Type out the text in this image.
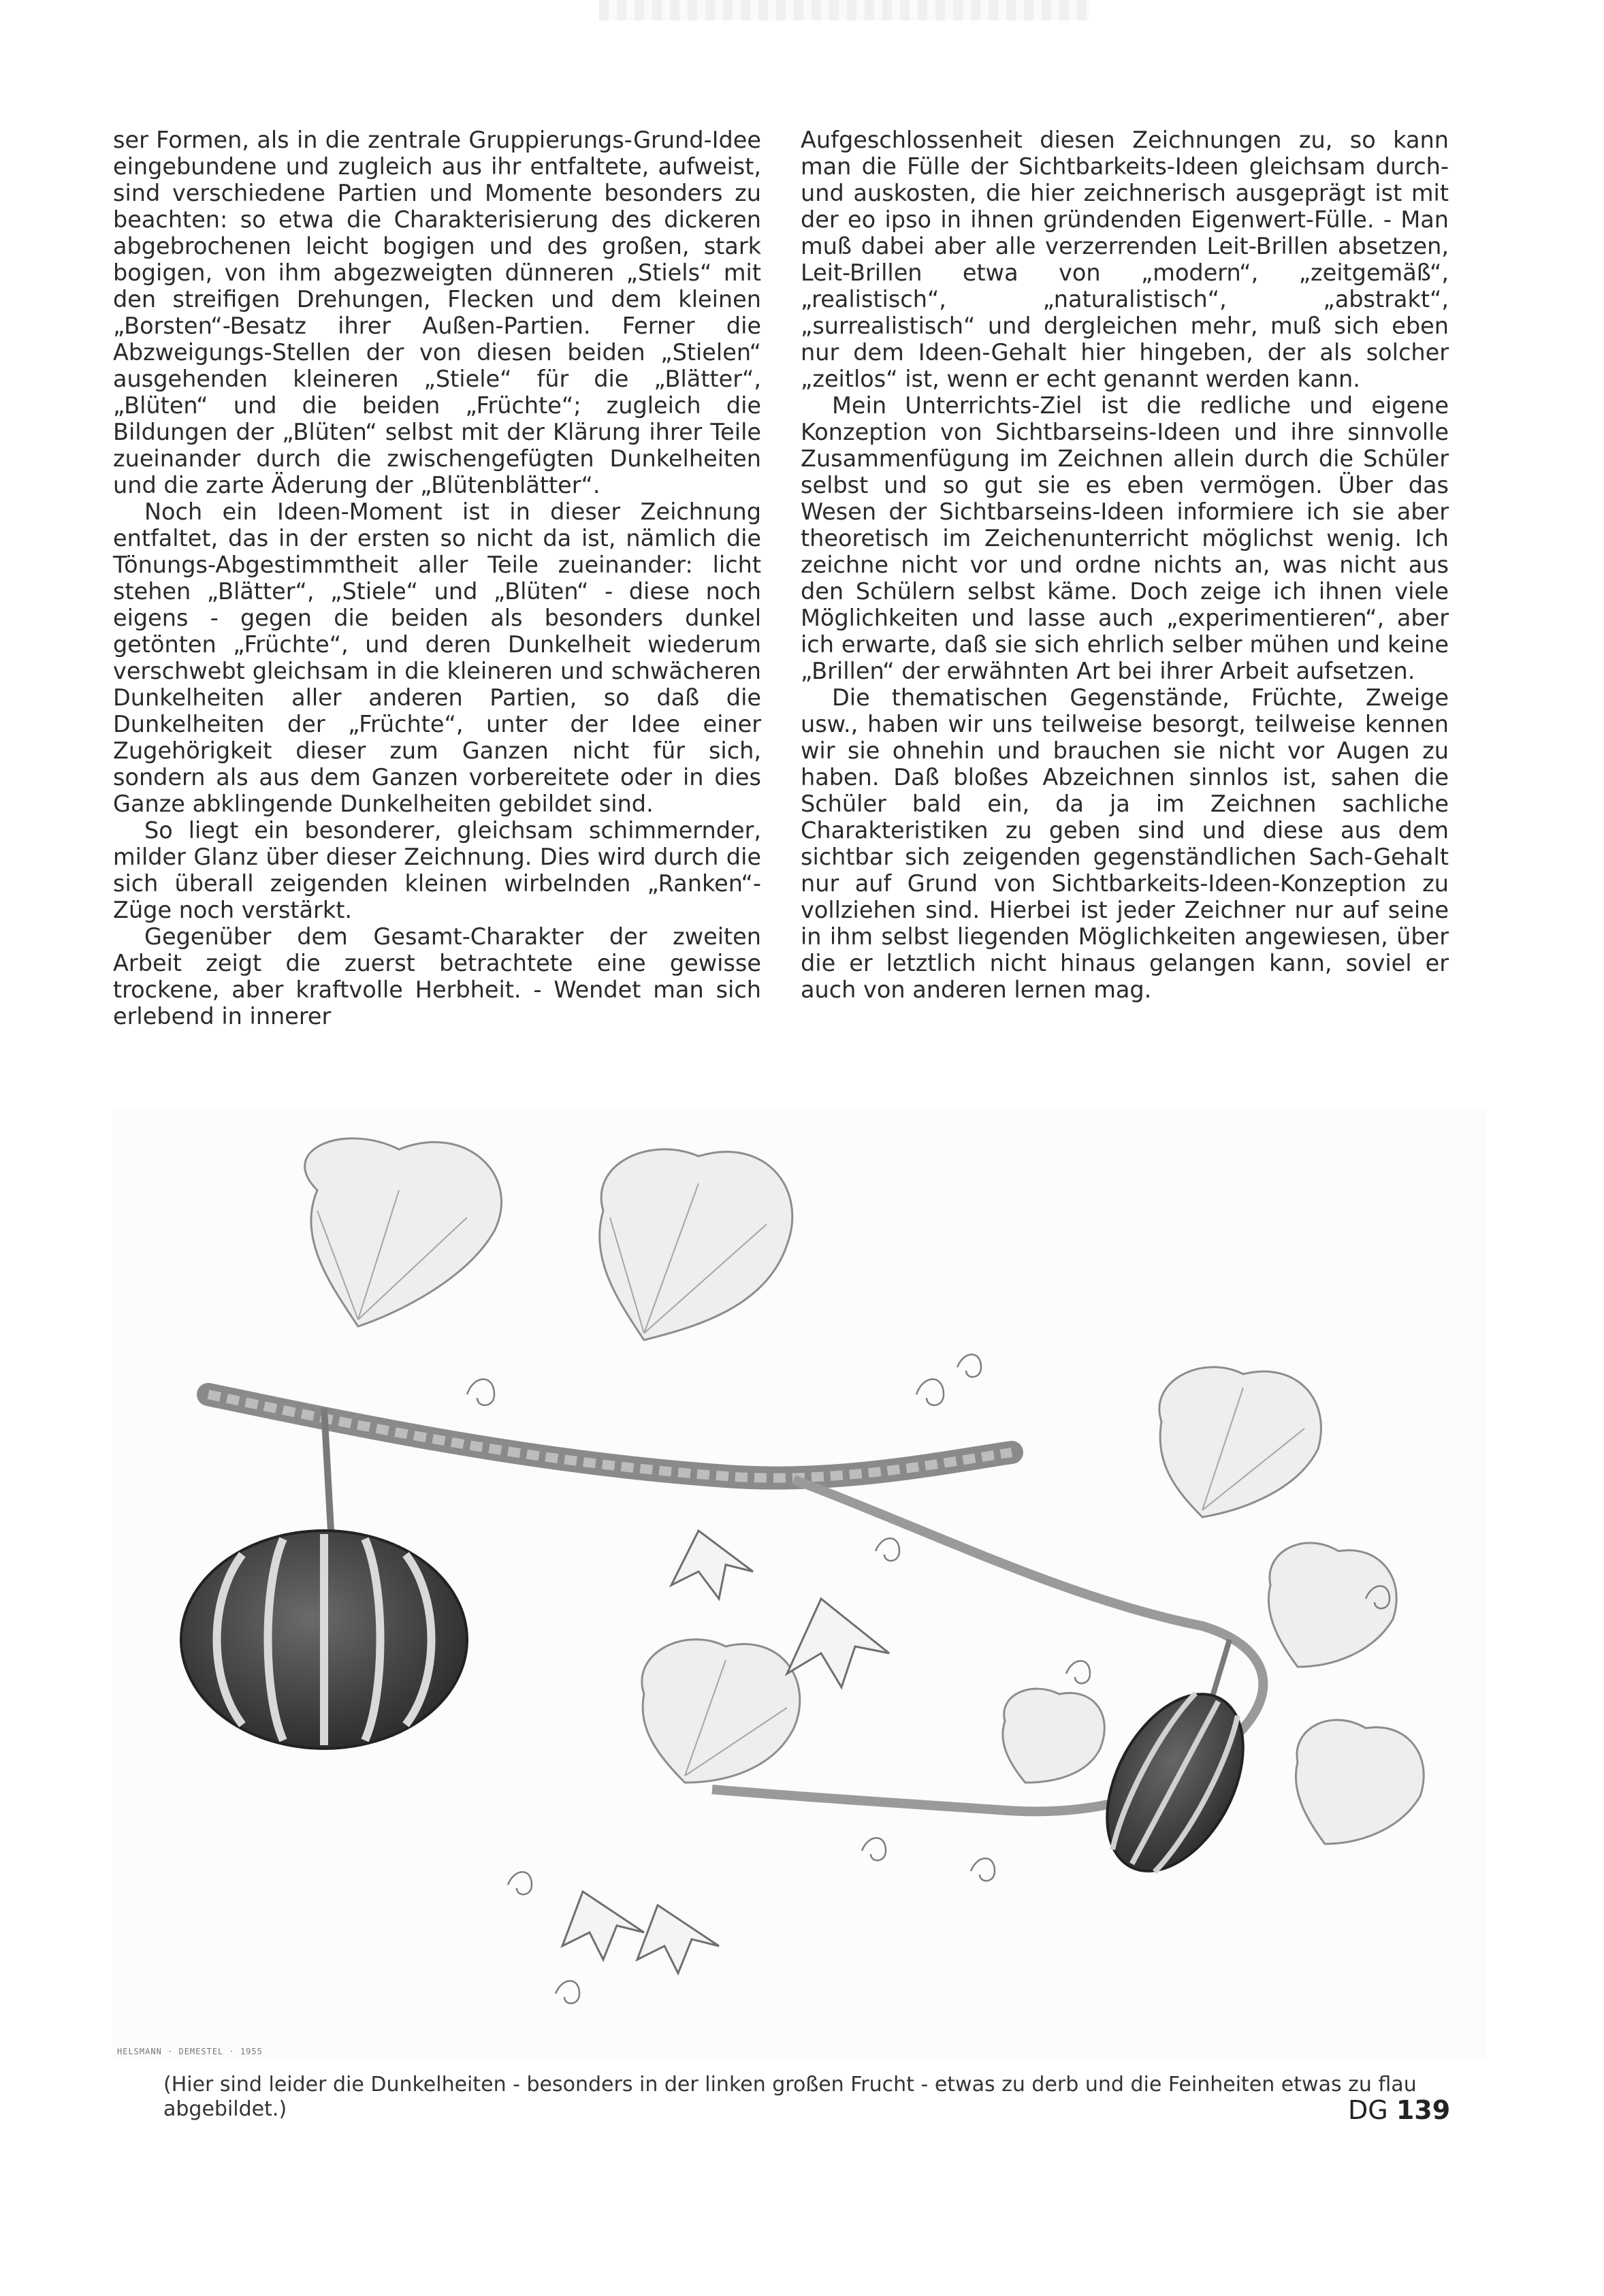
ser Formen, als in die zentrale Gruppierungs-Grund-Idee eingebundene und zugleich aus ihr entfaltete, aufweist, sind verschiedene Partien und Momente besonders zu beachten: so etwa die Charakterisierung des dickeren abgebrochenen leicht bogigen und des großen, stark bogigen, von ihm abgezweigten dünneren „Stiels“ mit den streifigen Drehungen, Flecken und dem kleinen „Borsten“-Besatz ihrer Außen-Partien. Ferner die Abzweigungs-Stellen der von diesen beiden „Stielen“ ausgehenden kleineren „Stiele“ für die „Blätter“, „Blüten“ und die beiden „Früchte“; zugleich die Bildungen der „Blüten“ selbst mit der Klärung ihrer Teile zueinander durch die zwischengefügten Dunkelheiten und die zarte Äderung der „Blütenblätter“.

Noch ein Ideen-Moment ist in dieser Zeichnung entfaltet, das in der ersten so nicht da ist, nämlich die Tönungs-Abgestimmtheit aller Teile zueinander: licht stehen „Blätter“, „Stiele“ und „Blüten“ - diese noch eigens - gegen die beiden als besonders dunkel getönten „Früchte“, und deren Dunkelheit wiederum verschwebt gleichsam in die kleineren und schwächeren Dunkelheiten aller anderen Partien, so daß die Dunkelheiten der „Früchte“, unter der Idee einer Zugehörigkeit dieser zum Ganzen nicht für sich, sondern als aus dem Ganzen vorbereitete oder in dies Ganze abklingende Dunkelheiten gebildet sind.

So liegt ein besonderer, gleichsam schimmernder, milder Glanz über dieser Zeichnung. Dies wird durch die sich überall zeigenden kleinen wirbelnden „Ranken“-Züge noch verstärkt.

Gegenüber dem Gesamt-Charakter der zweiten Arbeit zeigt die zuerst betrachtete eine gewisse trockene, aber kraftvolle Herbheit. - Wendet man sich erlebend in innerer

Aufgeschlossenheit diesen Zeichnungen zu, so kann man die Fülle der Sichtbarkeits-Ideen gleichsam durch- und auskosten, die hier zeichnerisch ausgeprägt ist mit der eo ipso in ihnen gründenden Eigenwert-Fülle. - Man muß dabei aber alle verzerrenden Leit-Brillen absetzen, Leit-Brillen etwa von „modern“, „zeitgemäß“, „realistisch“, „naturalistisch“, „abstrakt“, „surrealistisch“ und dergleichen mehr, muß sich eben nur dem Ideen-Gehalt hier hingeben, der als solcher „zeitlos“ ist, wenn er echt genannt werden kann.

Mein Unterrichts-Ziel ist die redliche und eigene Konzeption von Sichtbarseins-Ideen und ihre sinnvolle Zusammenfügung im Zeichnen allein durch die Schüler selbst und so gut sie es eben vermögen. Über das Wesen der Sichtbarseins-Ideen informiere ich sie aber theoretisch im Zeichenunterricht möglichst wenig. Ich zeichne nicht vor und ordne nichts an, was nicht aus den Schülern selbst käme. Doch zeige ich ihnen viele Möglichkeiten und lasse auch „experimentieren“, aber ich erwarte, daß sie sich ehrlich selber mühen und keine „Brillen“ der erwähnten Art bei ihrer Arbeit aufsetzen.

Die thematischen Gegenstände, Früchte, Zweige usw., haben wir uns teilweise besorgt, teilweise kennen wir sie ohnehin und brauchen sie nicht vor Augen zu haben. Daß bloßes Abzeichnen sinnlos ist, sahen die Schüler bald ein, da ja im Zeichnen sachliche Charakteristiken zu geben sind und diese aus dem sichtbar sich zeigenden gegenständlichen Sach-Gehalt nur auf Grund von Sichtbarkeits-Ideen-Konzeption zu vollziehen sind. Hierbei ist jeder Zeichner nur auf seine in ihm selbst liegenden Möglichkeiten angewiesen, über die er letztlich nicht hinaus gelangen kann, soviel er auch von anderen lernen mag.

HELSMANN · DEMESTEL · 1955
(Hier sind leider die Dunkelheiten - besonders in der linken großen Frucht - etwas zu derb und die Feinheiten etwas zu flau abgebildet.)	DG 139
